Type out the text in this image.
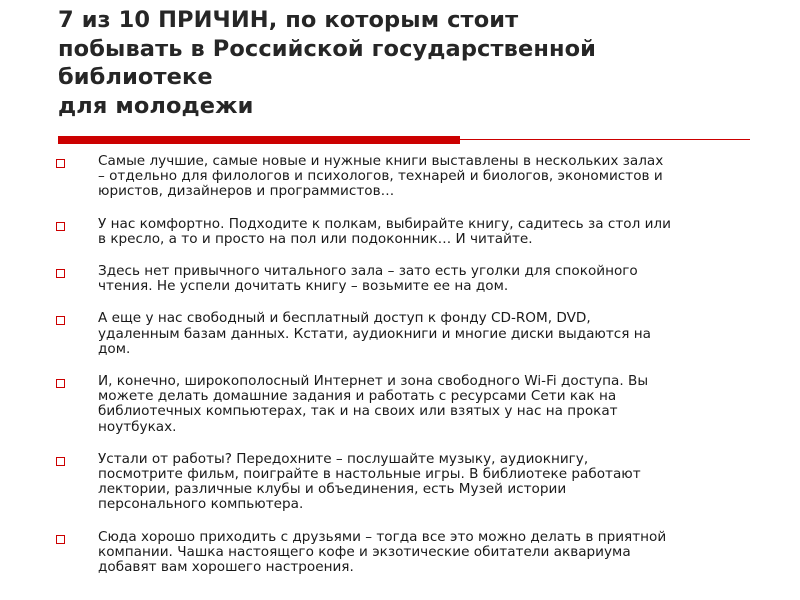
7 из 10 ПРИЧИН, по которым стоит
побывать в Российской государственной
библиотеке
для молодежи
Самые лучшие, самые новые и нужные книги выставлены в нескольких залах
– отдельно для филологов и психологов, технарей и биологов, экономистов и
юристов, дизайнеров и программистов…
У нас комфортно. Подходите к полкам, выбирайте книгу, садитесь за стол или
в кресло, а то и просто на пол или подоконник… И читайте.
Здесь нет привычного читального зала – зато есть уголки для спокойного
чтения. Не успели дочитать книгу – возьмите ее на дом.
А еще у нас свободный и бесплатный доступ к фонду CD-ROM, DVD,
удаленным базам данных. Кстати, аудиокниги и многие диски выдаются на
дом.
И, конечно, широкополосный Интернет и зона свободного Wi-Fi доступа. Вы
можете делать домашние задания и работать с ресурсами Сети как на
библиотечных компьютерах, так и на своих или взятых у нас на прокат
ноутбуках.
Устали от работы? Передохните – послушайте музыку, аудиокнигу,
посмотрите фильм, поиграйте в настольные игры. В библиотеке работают
лектории, различные клубы и объединения, есть Музей истории
персонального компьютера.
Сюда хорошо приходить с друзьями – тогда все это можно делать в приятной
компании. Чашка настоящего кофе и экзотические обитатели аквариума
добавят вам хорошего настроения.
